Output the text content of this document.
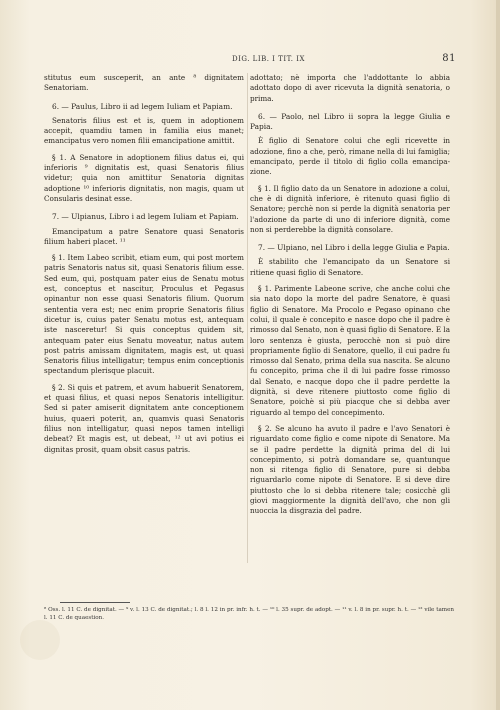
DIG. LIB. I TIT. IX	81

stitutus eum susceperit, an ante ⁸ dignitatem Senatoriam.

6. — Paulus, Libro ii ad legem Iuliam et Papiam.

Senatoris filius est et is, quem in adoptionem accepit, quamdiu tamen in familia eius manet; emancipatus vero nomen filii emancipatione amittit.

§ 1. A Senatore in adoptionem filius datus ei, qui inferioris ⁹ dignitatis est, quasi Senatoris filius videtur; quia non amittitur Senatoria dignitas adoptione ¹⁰ inferioris dignitatis, non magis, quam ut Consularis desinat esse.

7. — Ulpianus, Libro i ad legem Iuliam et Papiam.

Emancipatum a patre Senatore quasi Senatoris filium haberi placet. ¹¹

§ 1. Item Labeo scribit, etiam eum, qui post mortem patris Senatoris natus sit, quasi Senatoris filium esse. Sed eum, qui, postquam pater eius de Senatu motus est, conceptus et nascitur, Proculus et Pegasus opinantur non esse quasi Senatoris filium. Quorum sententia vera est; nec enim proprie Senatoris filius dicetur is, cuius pater Senatu motus est, antequam iste nasceretur! Si quis conceptus quidem sit, antequam pater eius Senatu moveatur, natus autem post patris amissam dignitatem, magis est, ut quasi Senatoris filius intelligatur; tempus enim conceptionis spectandum plerisque placuit.

§ 2. Si quis et patrem, et avum habuerit Senatorem, et quasi filius, et quasi nepos Senatoris intelligitur. Sed si pater amiserit dignitatem ante conceptionem huius, quaeri poterit, an, quamvis quasi Senatoris filius non intelligatur, quasi nepos tamen intelligi debeat? Et magis est, ut debeat, ¹² ut avi potius ei dignitas prosit, quam obsit casus patris.

adottato; nè importa che l'addottante lo abbia adottato dopo di aver ricevuta la dignità senatoria, o prima.

6. — Paolo, nel Libro ii sopra la legge Giulia e Papia.

È figlio di Senatore colui che egli ricevette in adozione, fino a che, però, rimane nella di lui famiglia; emancipato, perde il titolo di figlio colla emancipazione.

§ 1. Il figlio dato da un Senatore in adozione a colui, che è di dignità inferiore, è ritenuto quasi figlio di Senatore; perchè non si perde la dignità senatoria per l'adozione da parte di uno di inferiore dignità, come non si perderebbe la dignità consolare.

7. — Ulpiano, nel Libro i della legge Giulia e Papia.

È stabilito che l'emancipato da un Senatore si ritiene quasi figlio di Senatore.

§ 1. Parimente Labeone scrive, che anche colui che sia nato dopo la morte del padre Senatore, è quasi figlio di Senatore. Ma Procolo e Pegaso opinano che colui, il quale è concepito e nasce dopo che il padre è rimosso dal Senato, non è quasi figlio di Senatore. E la loro sentenza è giusta, perocchè non si può dire propriamente figlio di Senatore, quello, il cui padre fu rimosso dal Senato, prima della sua nascita. Se alcuno fu concepito, prima che il di lui padre fosse rimosso dal Senato, e nacque dopo che il padre perdette la dignità, si deve ritenere piuttosto come figlio di Senatore, poichè si più piacque che si debba aver riguardo al tempo del concepimento.

§ 2. Se alcuno ha avuto il padre e l'avo Senatori è riguardato come figlio e come nipote di Senatore. Ma se il padre perdette la dignità prima del di lui concepimento, si potrà domandare se, quantunque non si ritenga figlio di Senatore, pure si debba riguardarlo come nipote di Senatore. E si deve dire piuttosto che lo si debba ritenere tale; cosicchè gli giovi maggiormente la dignità dell'avo, che non gli nuoccia la disgrazia del padre.

⁸ Oss. l. 11 C. de dignitat. — ⁹ v. l. 13 C. de dignitat.; l. 8 l. 12 in pr. infr. h. t. — ¹⁰ l. 35 supr. de adopt. — ¹¹ v. l. 8 in pr. supr. h. t. — ¹² vile tamen l. 11 C. de quaestion.
